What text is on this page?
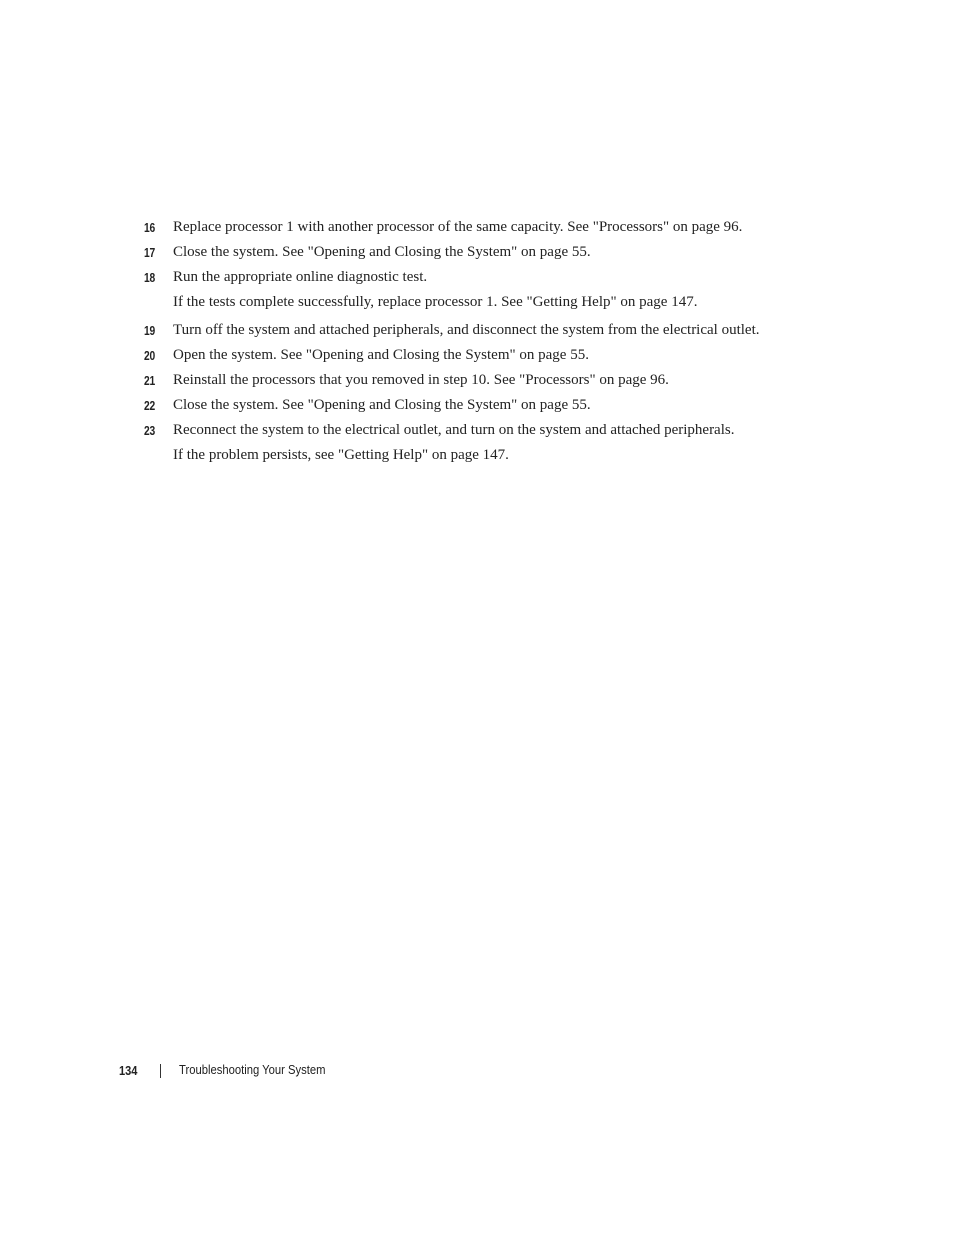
16 Replace processor 1 with another processor of the same capacity. See "Processors" on page 96.
17 Close the system. See "Opening and Closing the System" on page 55.
18 Run the appropriate online diagnostic test.
If the tests complete successfully, replace processor 1. See "Getting Help" on page 147.
19 Turn off the system and attached peripherals, and disconnect the system from the electrical outlet.
20 Open the system. See "Opening and Closing the System" on page 55.
21 Reinstall the processors that you removed in step 10. See "Processors" on page 96.
22 Close the system. See "Opening and Closing the System" on page 55.
23 Reconnect the system to the electrical outlet, and turn on the system and attached peripherals.
If the problem persists, see "Getting Help" on page 147.
134	Troubleshooting Your System
